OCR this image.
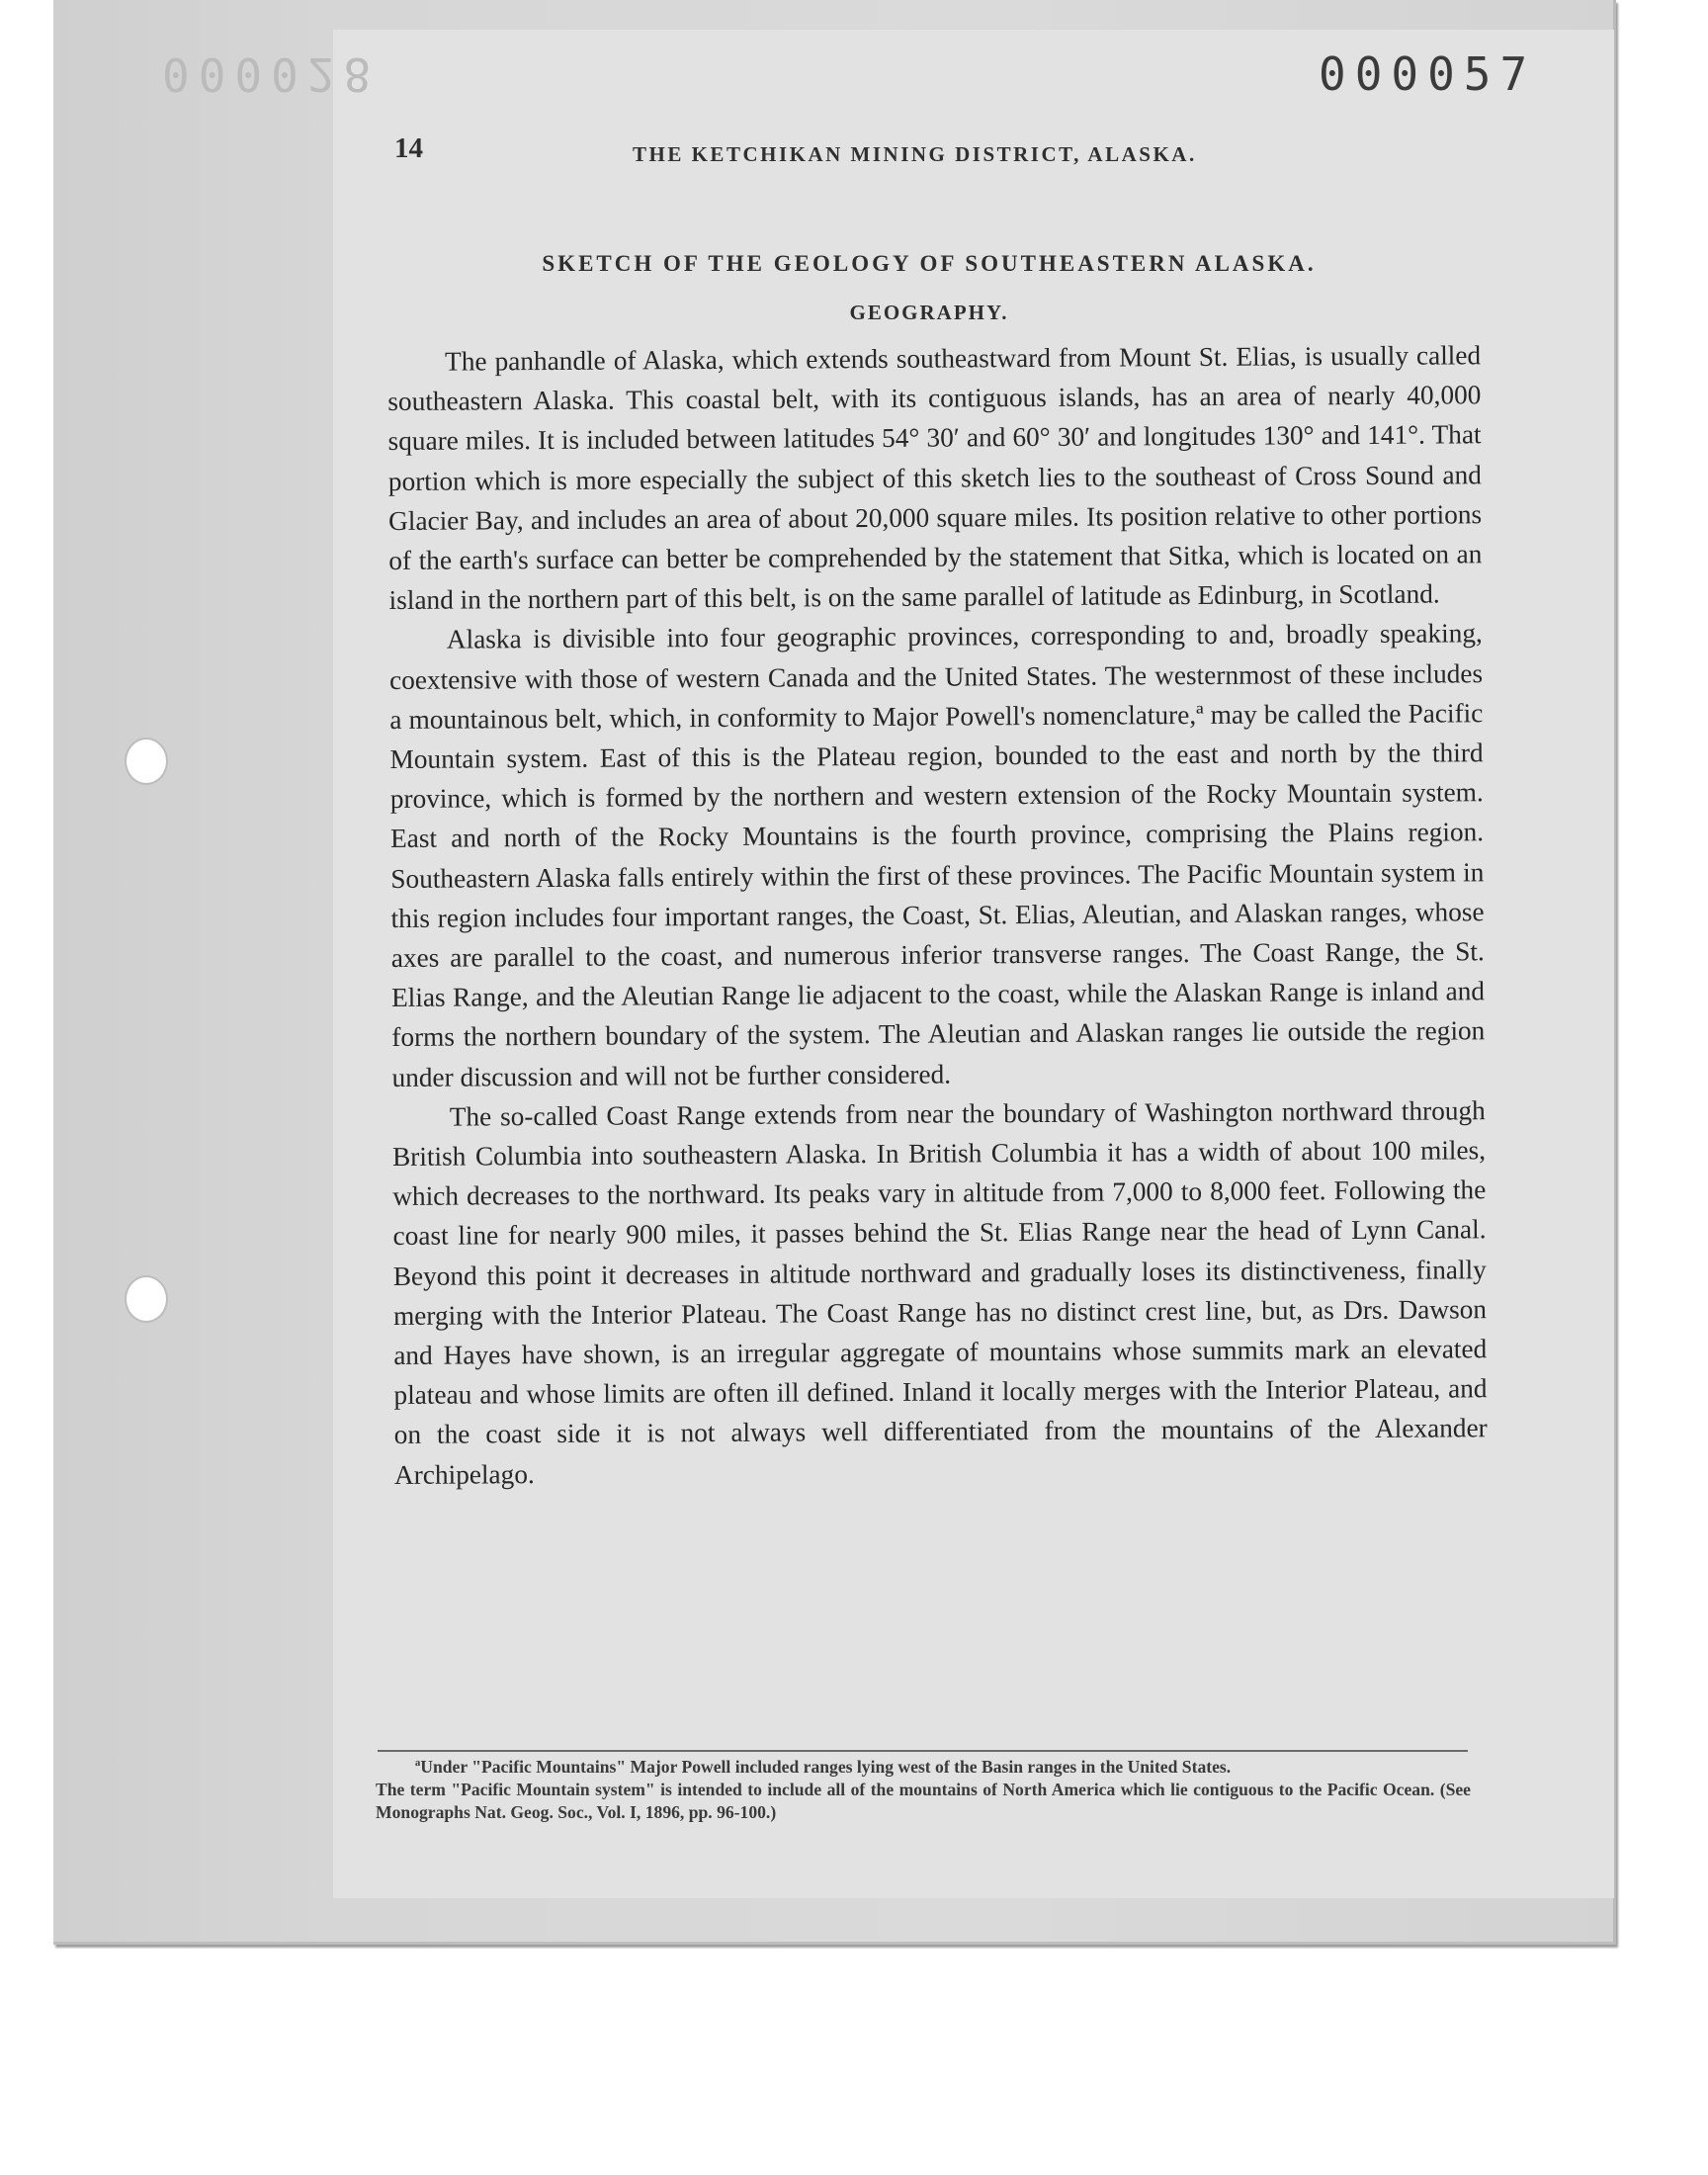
000028	000057
14	THE KETCHIKAN MINING DISTRICT, ALASKA.
SKETCH OF THE GEOLOGY OF SOUTHEASTERN ALASKA.
GEOGRAPHY.

The panhandle of Alaska, which extends southeastward from Mount St. Elias, is usually called southeastern Alaska. This coastal belt, with its contiguous islands, has an area of nearly 40,000 square miles. It is included between latitudes 54° 30′ and 60° 30′ and longitudes 130° and 141°. That portion which is more especially the subject of this sketch lies to the southeast of Cross Sound and Glacier Bay, and includes an area of about 20,000 square miles. Its position relative to other portions of the earth's surface can better be comprehended by the statement that Sitka, which is located on an island in the northern part of this belt, is on the same parallel of latitude as Edinburg, in Scotland.

Alaska is divisible into four geographic provinces, corresponding to and, broadly speaking, coextensive with those of western Canada and the United States. The westernmost of these includes a mountainous belt, which, in conformity to Major Powell's nomenclature,ª may be called the Pacific Mountain system. East of this is the Plateau region, bounded to the east and north by the third province, which is formed by the northern and western extension of the Rocky Mountain system. East and north of the Rocky Mountains is the fourth province, comprising the Plains region. Southeastern Alaska falls entirely within the first of these provinces. The Pacific Mountain system in this region includes four important ranges, the Coast, St. Elias, Aleutian, and Alaskan ranges, whose axes are parallel to the coast, and numerous inferior transverse ranges. The Coast Range, the St. Elias Range, and the Aleutian Range lie adjacent to the coast, while the Alaskan Range is inland and forms the northern boundary of the system. The Aleutian and Alaskan ranges lie outside the region under discussion and will not be further considered.

The so-called Coast Range extends from near the boundary of Washington northward through British Columbia into southeastern Alaska. In British Columbia it has a width of about 100 miles, which decreases to the northward. Its peaks vary in altitude from 7,000 to 8,000 feet. Following the coast line for nearly 900 miles, it passes behind the St. Elias Range near the head of Lynn Canal. Beyond this point it decreases in altitude northward and gradually loses its distinctiveness, finally merging with the Interior Plateau. The Coast Range has no distinct crest line, but, as Drs. Dawson and Hayes have shown, is an irregular aggregate of mountains whose summits mark an elevated plateau and whose limits are often ill defined. Inland it locally merges with the Interior Plateau, and on the coast side it is not always well differentiated from the mountains of the Alexander Archipelago.

ªUnder "Pacific Mountains" Major Powell included ranges lying west of the Basin ranges in the United States.
The term "Pacific Mountain system" is intended to include all of the mountains of North America which lie contiguous to the Pacific Ocean. (See Monographs Nat. Geog. Soc., Vol. I, 1896, pp. 96-100.)
